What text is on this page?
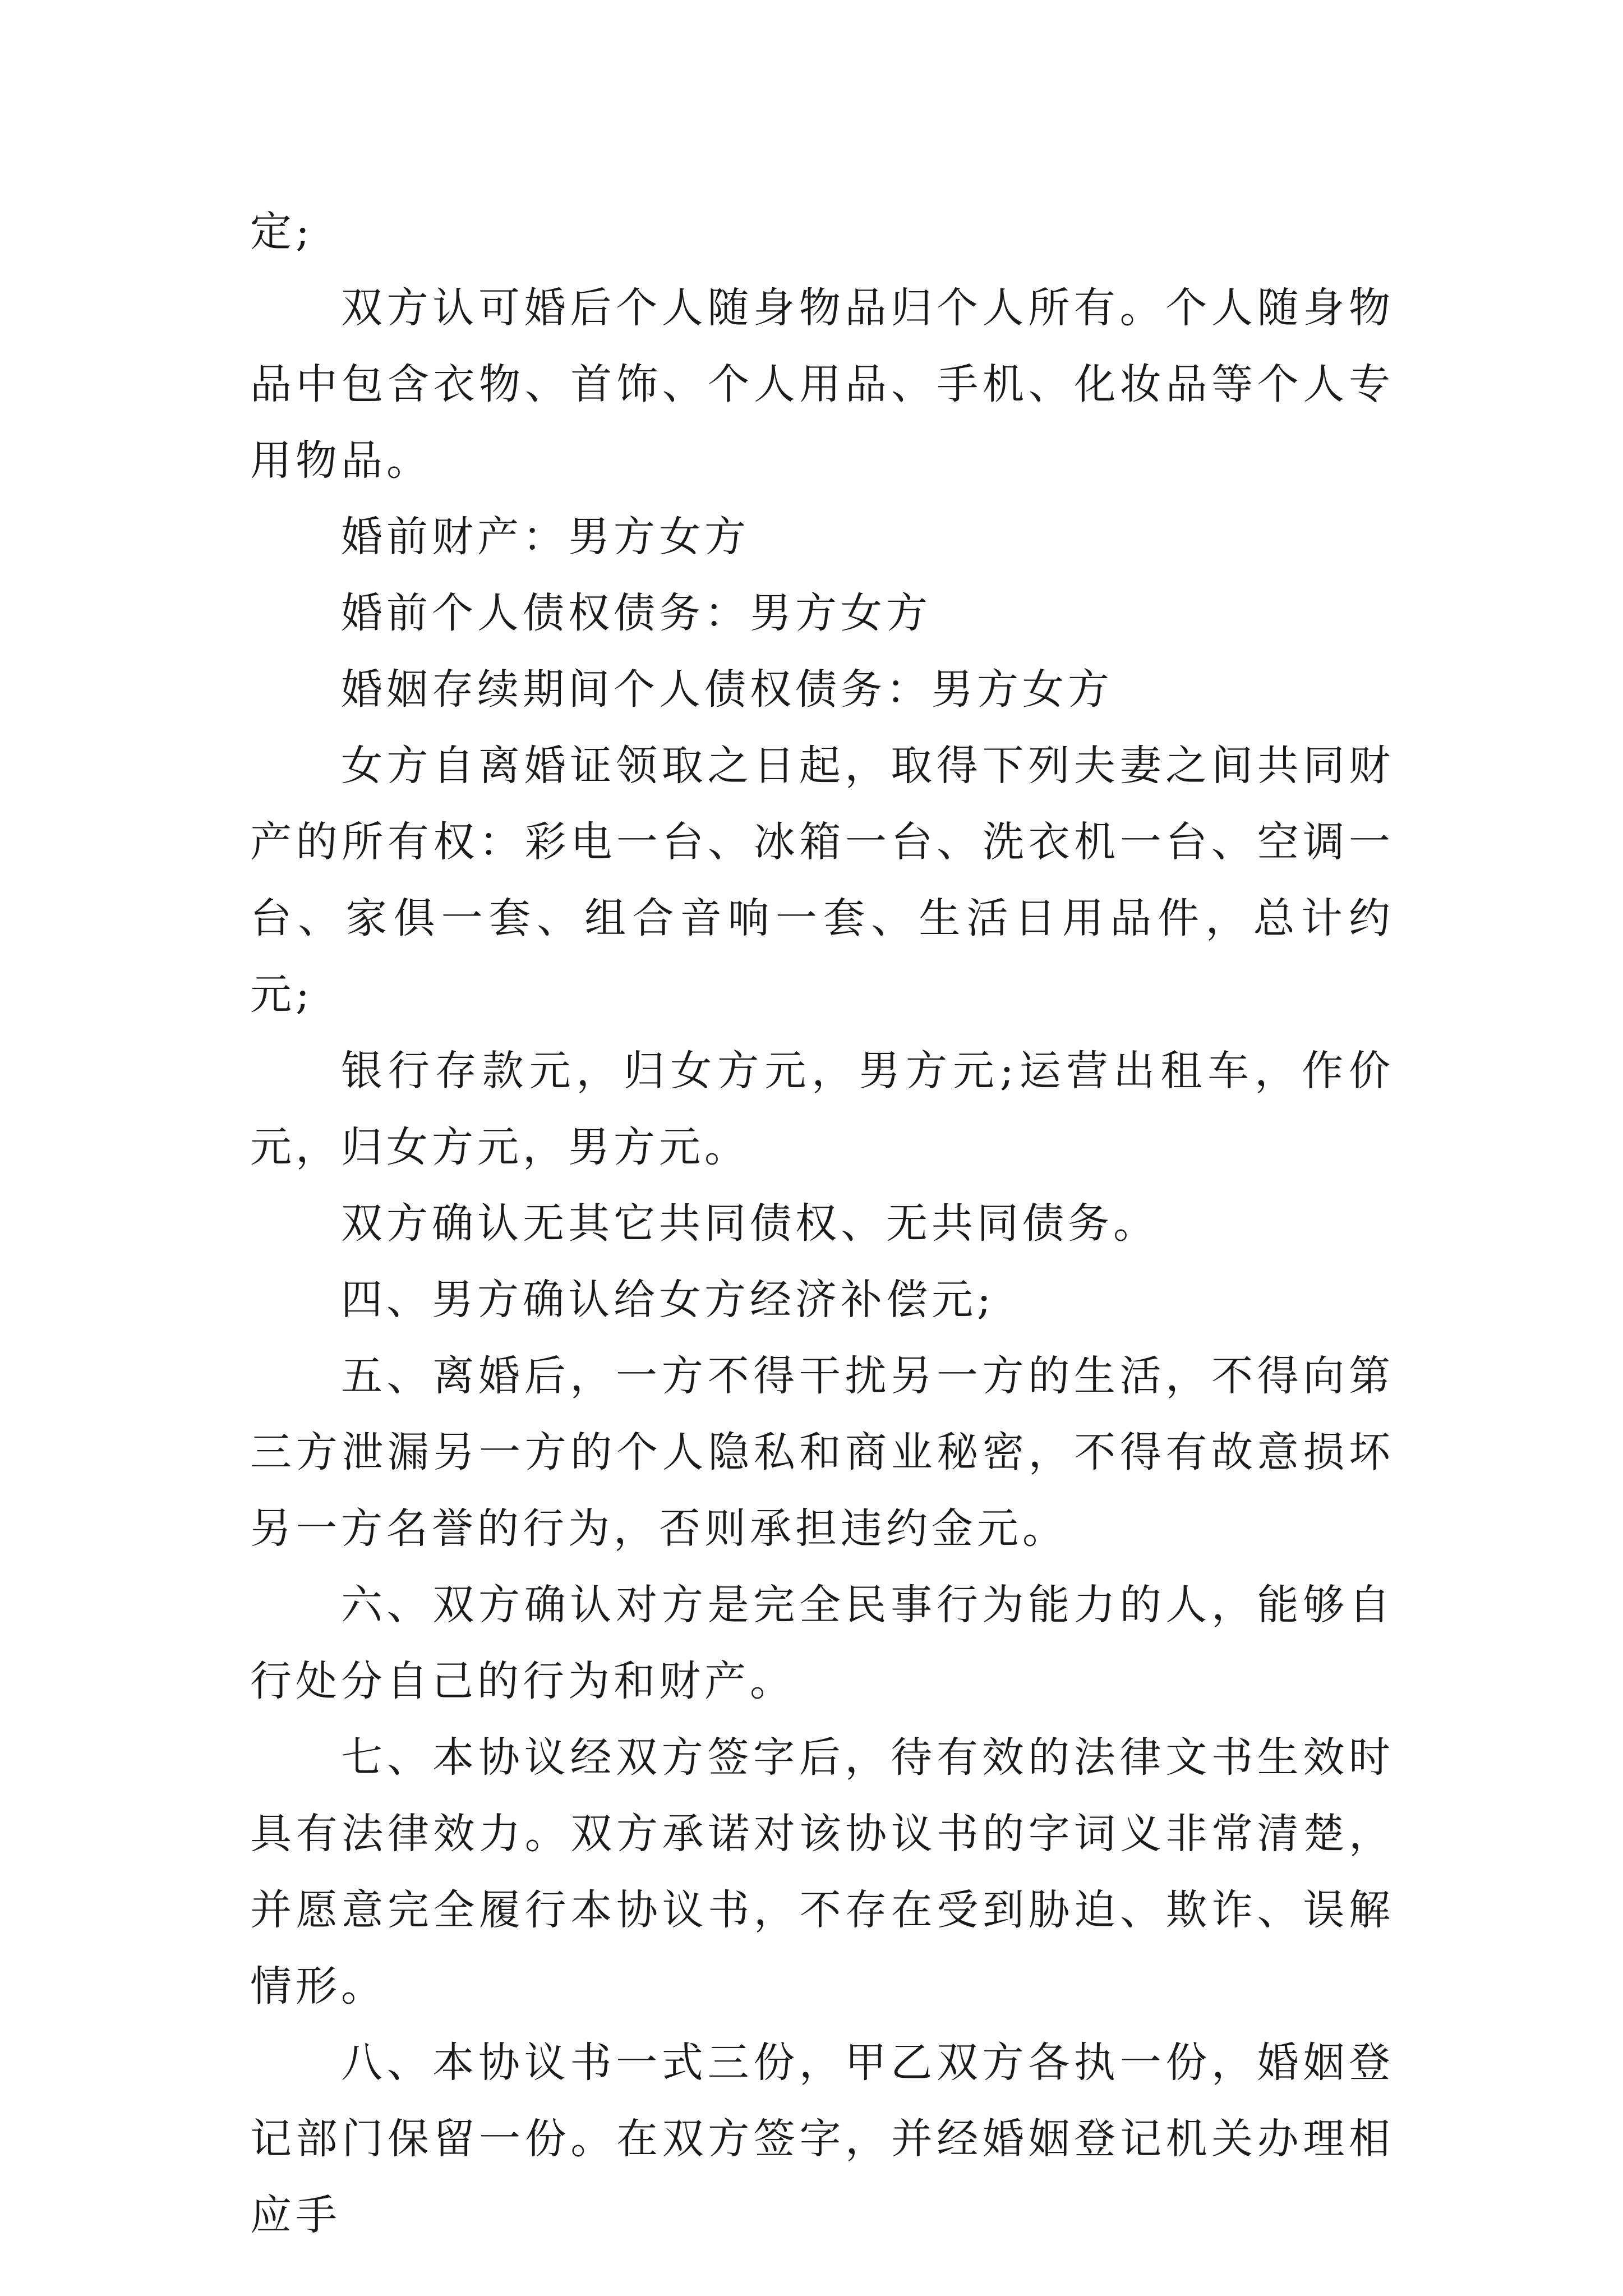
定;

双方认可婚后个人随身物品归个人所有。个人随身物品中包含衣物、首饰、个人用品、手机、化妆品等个人专用物品。

婚前财产：男方女方

婚前个人债权债务：男方女方

婚姻存续期间个人债权债务：男方女方

女方自离婚证领取之日起，取得下列夫妻之间共同财产的所有权：彩电一台、冰箱一台、洗衣机一台、空调一台、家俱一套、组合音响一套、生活日用品件，总计约元;

银行存款元，归女方元，男方元;运营出租车，作价元，归女方元，男方元。

双方确认无其它共同债权、无共同债务。

四、男方确认给女方经济补偿元;

五、离婚后，一方不得干扰另一方的生活，不得向第三方泄漏另一方的个人隐私和商业秘密，不得有故意损坏另一方名誉的行为，否则承担违约金元。

六、双方确认对方是完全民事行为能力的人，能够自行处分自己的行为和财产。

七、本协议经双方签字后，待有效的法律文书生效时具有法律效力。双方承诺对该协议书的字词义非常清楚，并愿意完全履行本协议书，不存在受到胁迫、欺诈、误解情形。

八、本协议书一式三份，甲乙双方各执一份，婚姻登记部门保留一份。在双方签字，并经婚姻登记机关办理相应手
